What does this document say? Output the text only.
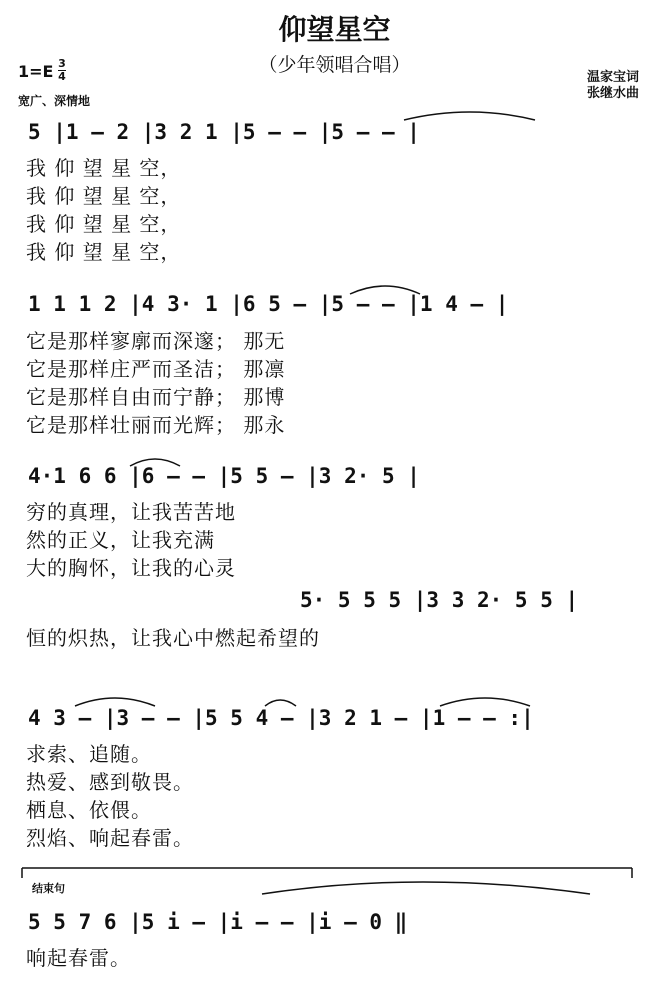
仰望星空
（少年领唱合唱）
1=E 3
4
宽广、深情地
温家宝词
张继水曲
5 |1 – 2 |3 2 1 |5 – – |5 – – |
我 仰 望 星 空，
我 仰 望 星 空，
我 仰 望 星 空，
我 仰 望 星 空，
1 1 1 2 |4 3· 1 |6 5 – |5 – – |1 4 – |
它是那样寥廓而深邃； 那无
它是那样庄严而圣洁； 那凛
它是那样自由而宁静； 那博
它是那样壮丽而光辉； 那永
4·1 6 6 |6 – – |5 5 – |3 2· 5 |
穷的真理，让我苦苦地
然的正义，让我充满
大的胸怀，让我的心灵
5· 5 5 5 |3 3 2· 5 5 |
恒的炽热，让我心中燃起希望的
4 3 – |3 – – |5 5 4 – |3 2 1 – |1 – – :|
求索、追随。
热爱、感到敬畏。
栖息、依偎。
烈焰、响起春雷。
结束句
5 5 7 6 |5 i – |i – – |i – 0 ‖
响起春雷。
